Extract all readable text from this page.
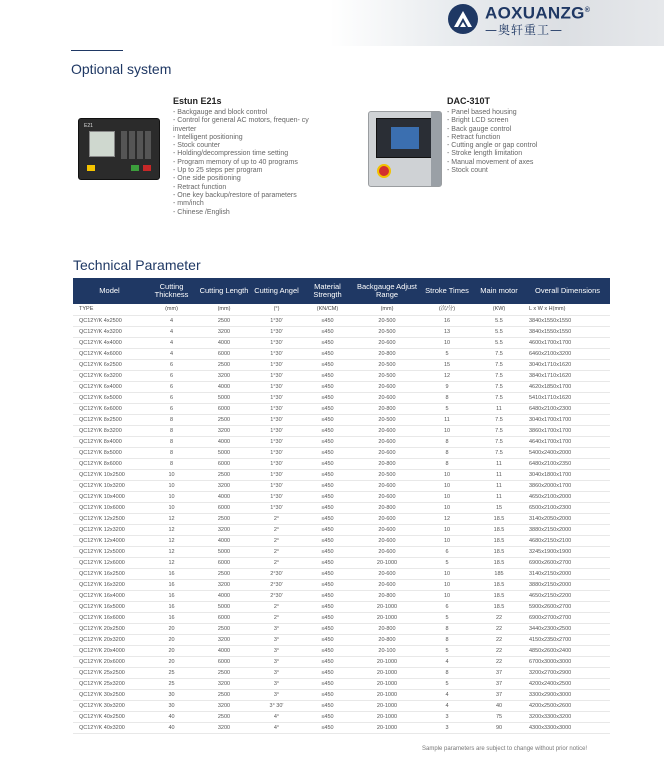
AOXUANZG®
—奥轩重工—
Optional system
E21
Estun E21s
- Backgauge and block control
- Control for general AC motors, frequen- cy inverter
- Intelligent positioning
- Stock counter
- Holding/decompression time setting
- Program memory of up to 40 programs
- Up to 25 steps per program
- One side positioning
- Retract function
- One key backup/restore of parameters
- mm/inch
- Chinese /English
DAC-310T
- Panel based housing
- Bright LCD screen
- Back gauge control
- Retract function
- Cutting angle or gap control
- Stroke length limitation
- Manual movement of axes
- Stock count
Technical Parameter
Model	Cutting Thickness	Cutting Length	Cutting Angel	Material Strength	Backgauge Adjust Range	Stroke Times	Main motor	Overall Dimensions
TYPE	(mm)	(mm)	(°)	(KN/CM)	(mm)	(次/分)	(KW)	L x W x H(mm)
QC12Y/K 4x2500	4	2500	1°30'	≤450	20-500	16	5.5	3840x1550x1550
QC12Y/K 4x3200	4	3200	1°30'	≤450	20-500	13	5.5	3840x1550x1550
QC12Y/K 4x4000	4	4000	1°30'	≤450	20-600	10	5.5	4600x1700x1700
QC12Y/K 4x6000	4	6000	1°30'	≤450	20-800	5	7.5	6460x2100x3200
QC12Y/K 6x2500	6	2500	1°30'	≤450	20-500	15	7.5	3040x1710x1620
QC12Y/K 6x3200	6	3200	1°30'	≤450	20-500	12	7.5	3840x1710x1620
QC12Y/K 6x4000	6	4000	1°30'	≤450	20-600	9	7.5	4620x1850x1700
QC12Y/K 6x5000	6	5000	1°30'	≤450	20-600	8	7.5	5410x1710x1620
QC12Y/K 6x6000	6	6000	1°30'	≤450	20-800	5	11	6480x2100x2300
QC12Y/K 8x2500	8	2500	1°30'	≤450	20-500	11	7.5	3040x1700x1700
QC12Y/K 8x3200	8	3200	1°30'	≤450	20-600	10	7.5	3860x1700x1700
QC12Y/K 8x4000	8	4000	1°30'	≤450	20-600	8	7.5	4640x1700x1700
QC12Y/K 8x5000	8	5000	1°30'	≤450	20-600	8	7.5	5400x2400x2000
QC12Y/K 8x6000	8	6000	1°30'	≤450	20-800	8	11	6480x2100x2350
QC12Y/K 10x2500	10	2500	1°30'	≤450	20-500	10	11	3040x1800x1700
QC12Y/K 10x3200	10	3200	1°30'	≤450	20-600	10	11	3860x2000x1700
QC12Y/K 10x4000	10	4000	1°30'	≤450	20-600	10	11	4650x2100x2000
QC12Y/K 10x6000	10	6000	1°30'	≤450	20-800	10	15	6500x2100x2300
QC12Y/K 12x2500	12	2500	2°	≤450	20-600	12	18.5	3140x2050x2000
QC12Y/K 12x3200	12	3200	2°	≤450	20-600	10	18.5	3880x2150x2000
QC12Y/K 12x4000	12	4000	2°	≤450	20-600	10	18.5	4680x2150x2100
QC12Y/K 12x5000	12	5000	2°	≤450	20-600	6	18.5	3245x1900x1900
QC12Y/K 12x6000	12	6000	2°	≤450	20-1000	5	18.5	6900x2600x2700
QC12Y/K 16x2500	16	2500	2°30'	≤450	20-600	10	185	3140x2150x2000
QC12Y/K 16x3200	16	3200	2°30'	≤450	20-600	10	18.5	3880x2150x2000
QC12Y/K 16x4000	16	4000	2°30'	≤450	20-800	10	18.5	4650x2150x2200
QC12Y/K 16x5000	16	5000	2°	≤450	20-1000	6	18.5	5900x2600x2700
QC12Y/K 16x6000	16	6000	2°	≤450	20-1000	5	22	6900x2700x2700
QC12Y/K 20x2500	20	2500	3°	≤450	20-800	8	22	3440x2300x2500
QC12Y/K 20x3200	20	3200	3°	≤450	20-800	8	22	4150x2350x2700
QC12Y/K 20x4000	20	4000	3°	≤450	20-100	5	22	4850x2600x2400
QC12Y/K 20x6000	20	6000	3°	≤450	20-1000	4	22	6700x3000x3000
QC12Y/K 25x2500	25	2500	3°	≤450	20-1000	8	37	3200x2700x2900
QC12Y/K 25x3200	25	3200	3°	≤450	20-1000	5	37	4200x2400x2500
QC12Y/K 30x2500	30	2500	3°	≤450	20-1000	4	37	3300x2900x3000
QC12Y/K 30x3200	30	3200	3° 30'	≤450	20-1000	4	40	4200x2500x2600
QC12Y/K 40x2500	40	2500	4°	≤450	20-1000	3	75	3200x3300x3200
QC12Y/K 40x3200	40	3200	4°	≤450	20-1000	3	90	4300x3300x3000
Sample parameters are subject to change without prior notice!
